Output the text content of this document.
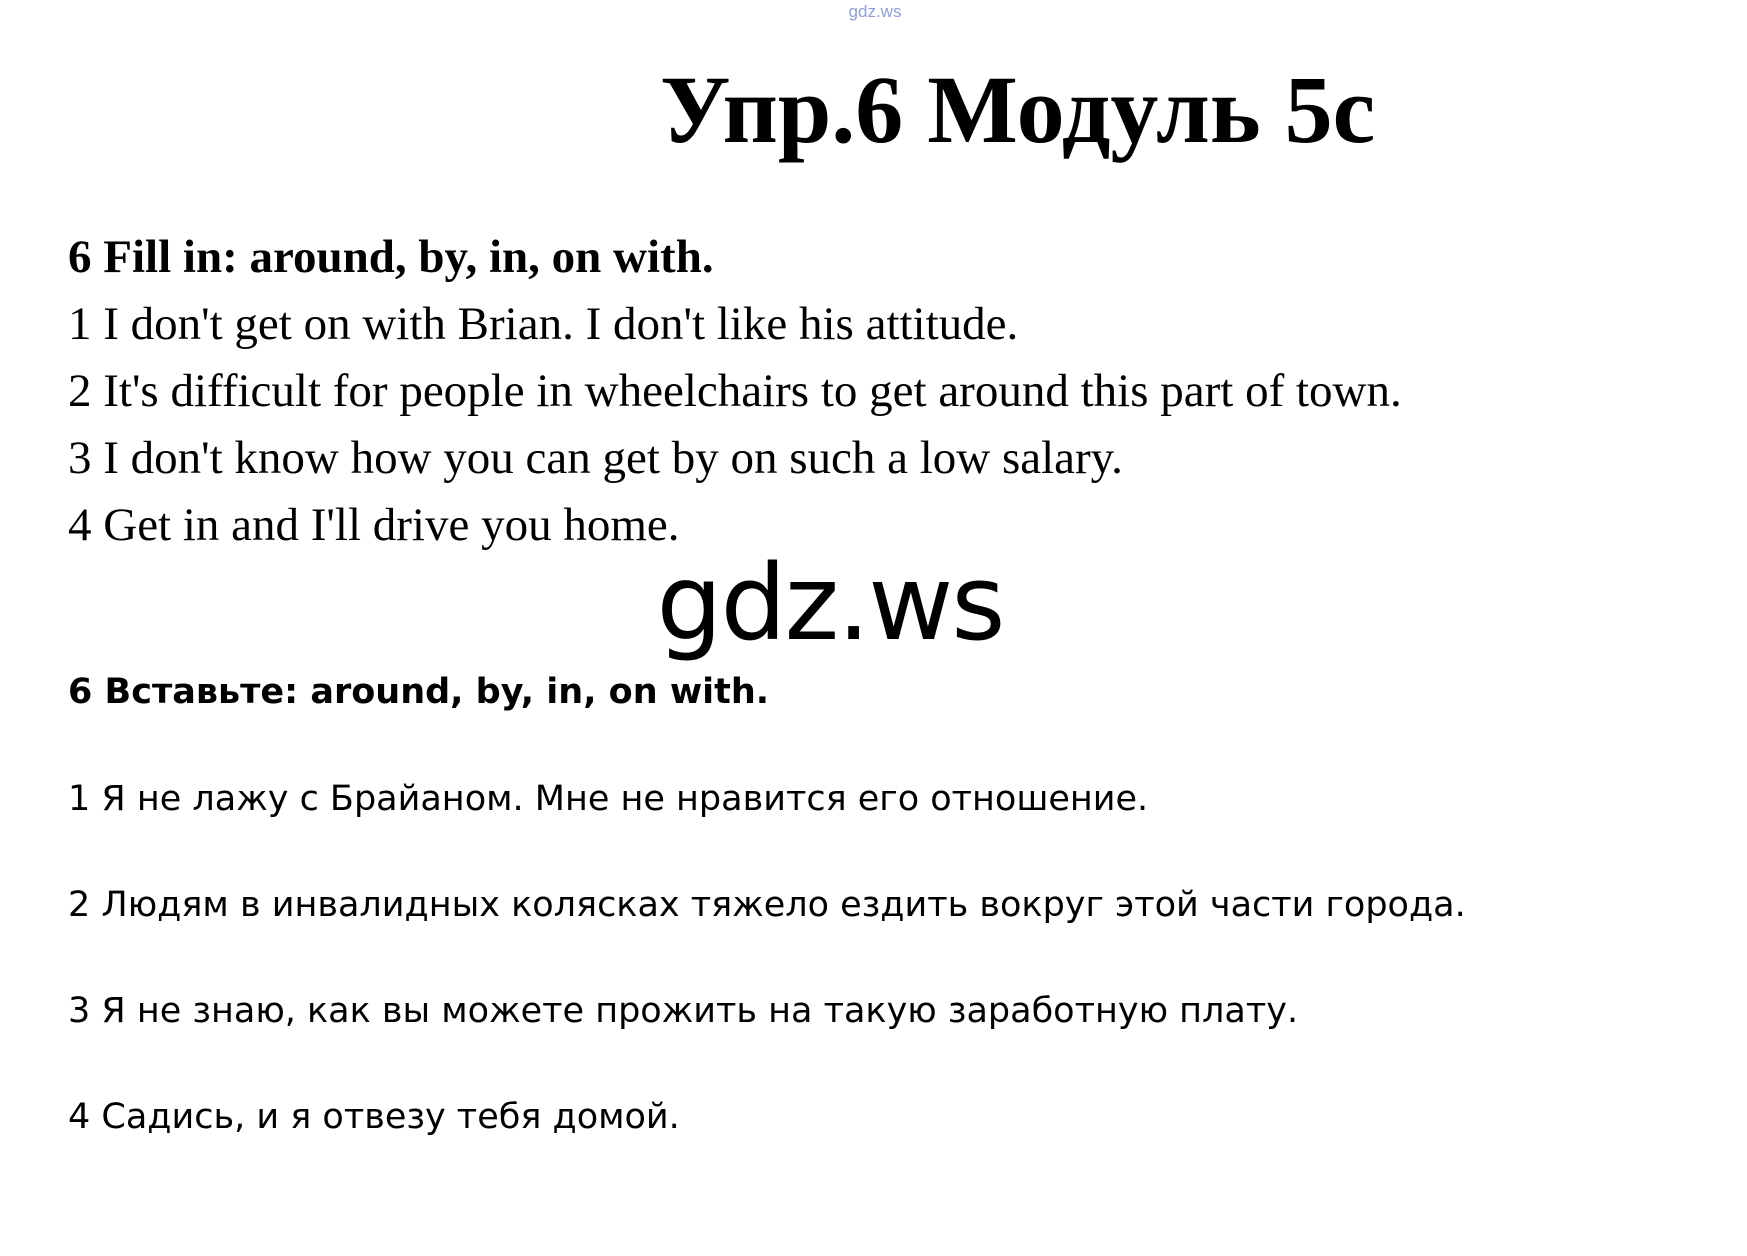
gdz.ws
Упр.6 Модуль 5с
6 Fill in: around, by, in, on with.
1 I don't get on with Brian. I don't like his attitude.
2 It's difficult for people in wheelchairs to get around this part of town.
3 I don't know how you can get by on such a low salary.
4 Get in and I'll drive you home.
gdz.ws
6 Вставьте: around, by, in, on with.
1 Я не лажу с Брайаном. Мне не нравится его отношение.
2 Людям в инвалидных колясках тяжело ездить вокруг этой части города.
3 Я не знаю, как вы можете прожить на такую заработную плату.
4 Садись, и я отвезу тебя домой.
